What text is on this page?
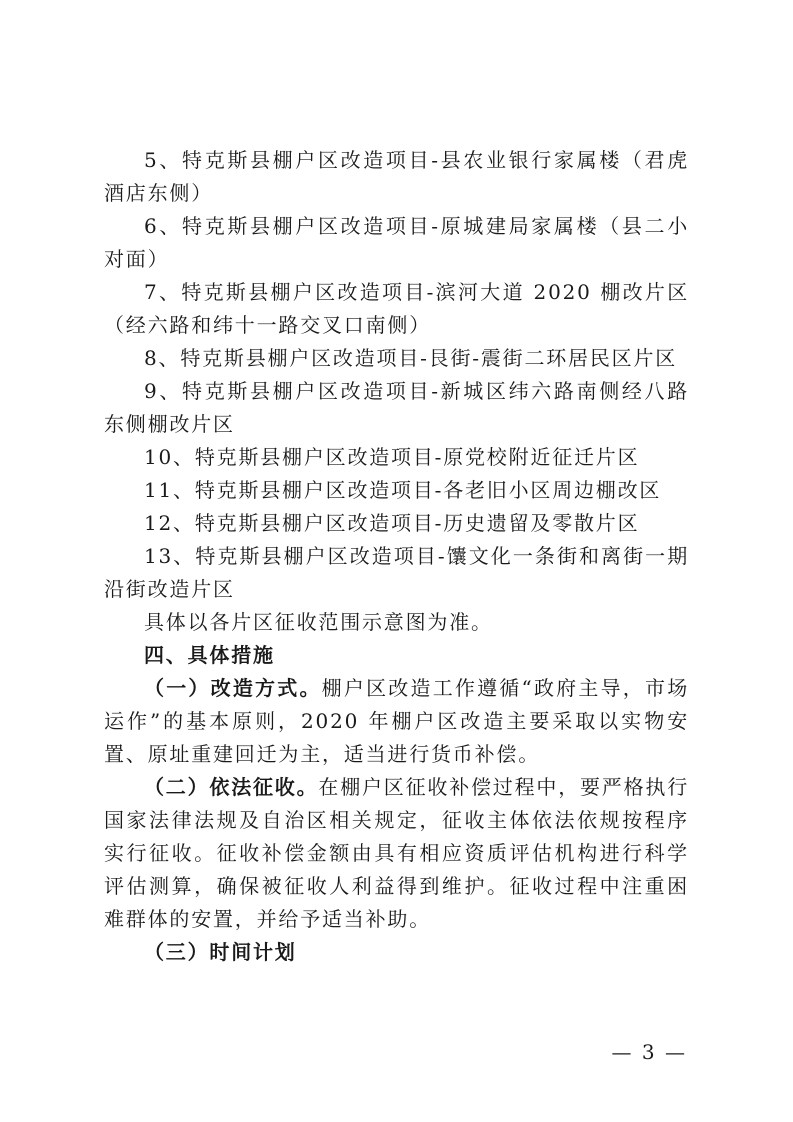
5、特克斯县棚户区改造项目-县农业银行家属楼（君虎酒店东侧）

6、特克斯县棚户区改造项目-原城建局家属楼（县二小对面）

7、特克斯县棚户区改造项目-滨河大道 2020 棚改片区（经六路和纬十一路交叉口南侧）

8、特克斯县棚户区改造项目-艮街-震街二环居民区片区

9、特克斯县棚户区改造项目-新城区纬六路南侧经八路东侧棚改片区

10、特克斯县棚户区改造项目-原党校附近征迁片区

11、特克斯县棚户区改造项目-各老旧小区周边棚改区

12、特克斯县棚户区改造项目-历史遗留及零散片区

13、特克斯县棚户区改造项目-馕文化一条街和离街一期沿街改造片区

具体以各片区征收范围示意图为准。

四、具体措施

（一）改造方式。棚户区改造工作遵循“政府主导，市场运作”的基本原则，2020 年棚户区改造主要采取以实物安置、原址重建回迁为主，适当进行货币补偿。

（二）依法征收。在棚户区征收补偿过程中，要严格执行国家法律法规及自治区相关规定，征收主体依法依规按程序实行征收。征收补偿金额由具有相应资质评估机构进行科学评估测算，确保被征收人利益得到维护。征收过程中注重困难群体的安置，并给予适当补助。

（三）时间计划

— 3 —
